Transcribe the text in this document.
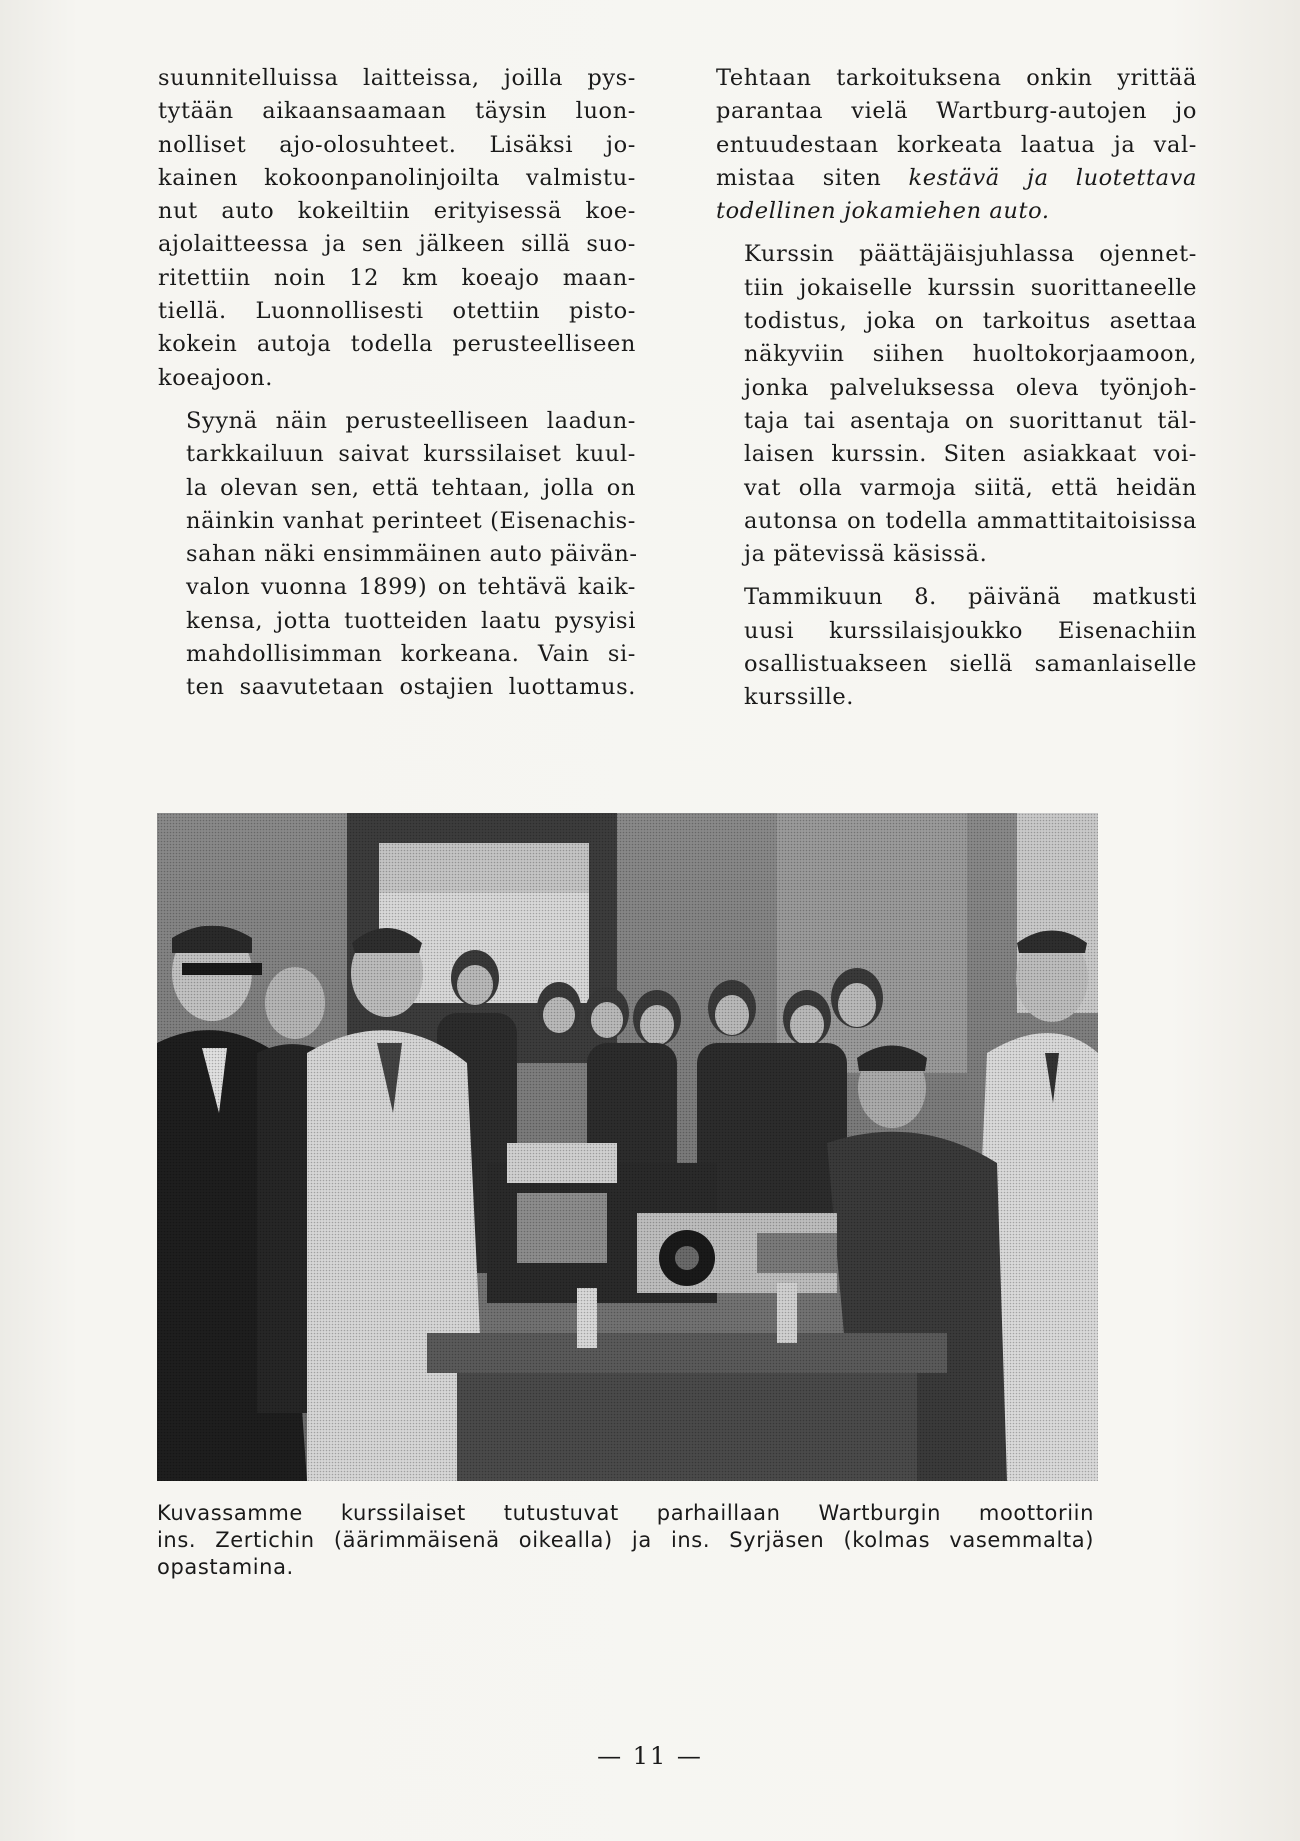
suunnitelluissa laitteissa, joilla pys-
tytään aikaansaamaan täysin luon-
nolliset ajo-olosuhteet. Lisäksi jo-
kainen kokoonpanolinjoilta valmistu-
nut auto kokeiltiin erityisessä koe-
ajolaitteessa ja sen jälkeen sillä suo-
ritettiin noin 12 km koeajo maan-
tiellä. Luonnollisesti otettiin pisto-
kokein autoja todella perusteelliseen
koeajoon.

Syynä näin perusteelliseen laadun-
tarkkailuun saivat kurssilaiset kuul-
la olevan sen, että tehtaan, jolla on
näinkin vanhat perinteet (Eisenachis-
sahan näki ensimmäinen auto päivän-
valon vuonna 1899) on tehtävä kaik-
kensa, jotta tuotteiden laatu pysyisi
mahdollisimman korkeana. Vain si-
ten saavutetaan ostajien luottamus.

Tehtaan tarkoituksena onkin yrittää
parantaa vielä Wartburg-autojen jo
entuudestaan korkeata laatua ja val-
mistaa siten kestävä ja luotettava
todellinen jokamiehen auto.

Kurssin päättäjäisjuhlassa ojennet-
tiin jokaiselle kurssin suorittaneelle
todistus, joka on tarkoitus asettaa
näkyviin siihen huoltokorjaamoon,
jonka palveluksessa oleva työnjoh-
taja tai asentaja on suorittanut täl-
laisen kurssin. Siten asiakkaat voi-
vat olla varmoja siitä, että heidän
autonsa on todella ammattitaitoisissa
ja pätevissä käsissä.

Tammikuun 8. päivänä matkusti
uusi kurssilaisjoukko Eisenachiin
osallistuakseen siellä samanlaiselle
kurssille.

Kuvassamme kurssilaiset tutustuvat parhaillaan Wartburgin moottoriin
ins. Zertichin (äärimmäisenä oikealla) ja ins. Syrjäsen (kolmas vasemmalta)
opastamina.
— 11 —
